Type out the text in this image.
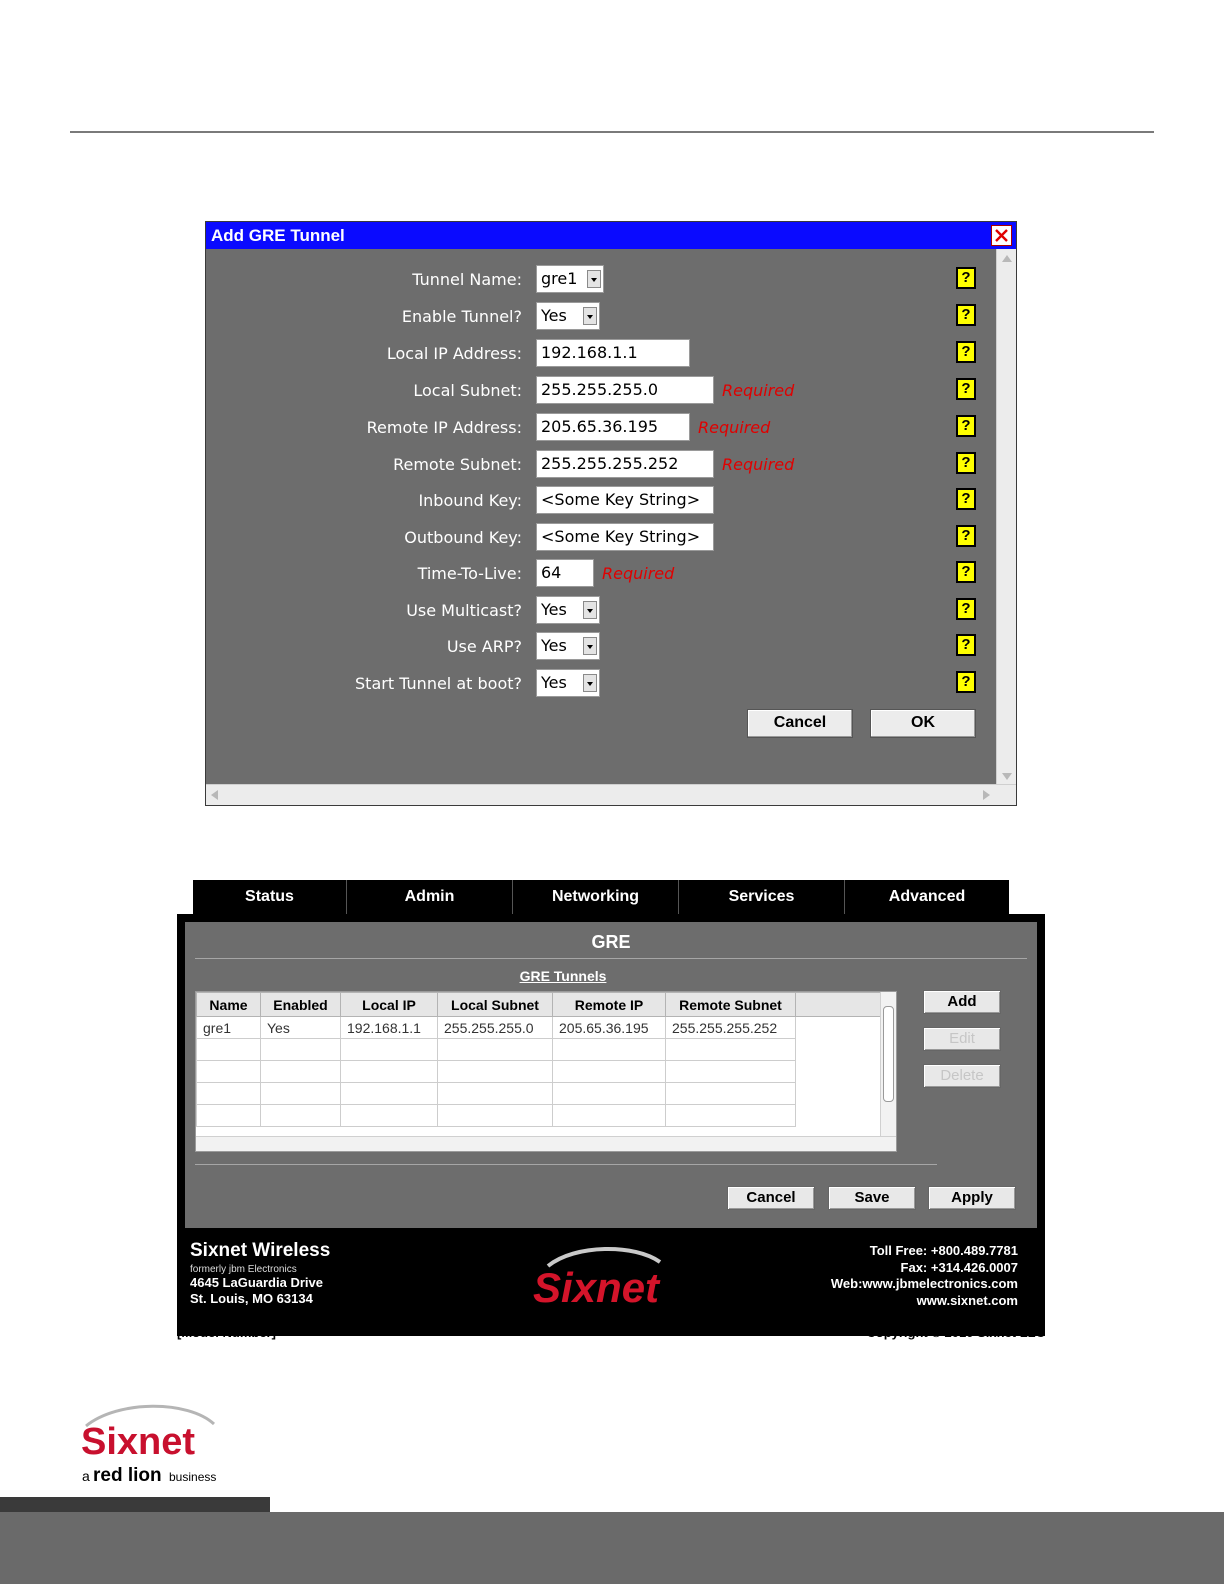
Add GRE Tunnel
Tunnel Name:	gre1	?
Enable Tunnel?	Yes	?
Local IP Address:	192.168.1.1	?
Local Subnet:	255.255.255.0	Required	?
Remote IP Address:	205.65.36.195	Required	?
Remote Subnet:	255.255.255.252	Required	?
Inbound Key:	<Some Key String>	?
Outbound Key:	<Some Key String>	?
Time-To-Live:	64	Required	?
Use Multicast?	Yes	?
Use ARP?	Yes	?
Start Tunnel at boot?	Yes	?
Cancel	OK
Status	Admin	Networking	Services	Advanced
GRE
GRE Tunnels
Name	Enabled	Local IP	Local Subnet	Remote IP	Remote Subnet	
gre1	Yes	192.168.1.1	255.255.255.0	205.65.36.195	255.255.255.252	

Add
Edit
Delete
Cancel	Save	Apply
Sixnet Wireless
formerly jbm Electronics
4645 LaGuardia Drive
St. Louis, MO 63134	Sixnet
Toll Free: +800.489.7781
Fax: +314.426.0007
Web:www.jbmelectronics.com
www.sixnet.com
[Model Number]	Copyright © 2010 Sixnet LLC
Sixnet
a red lion business
